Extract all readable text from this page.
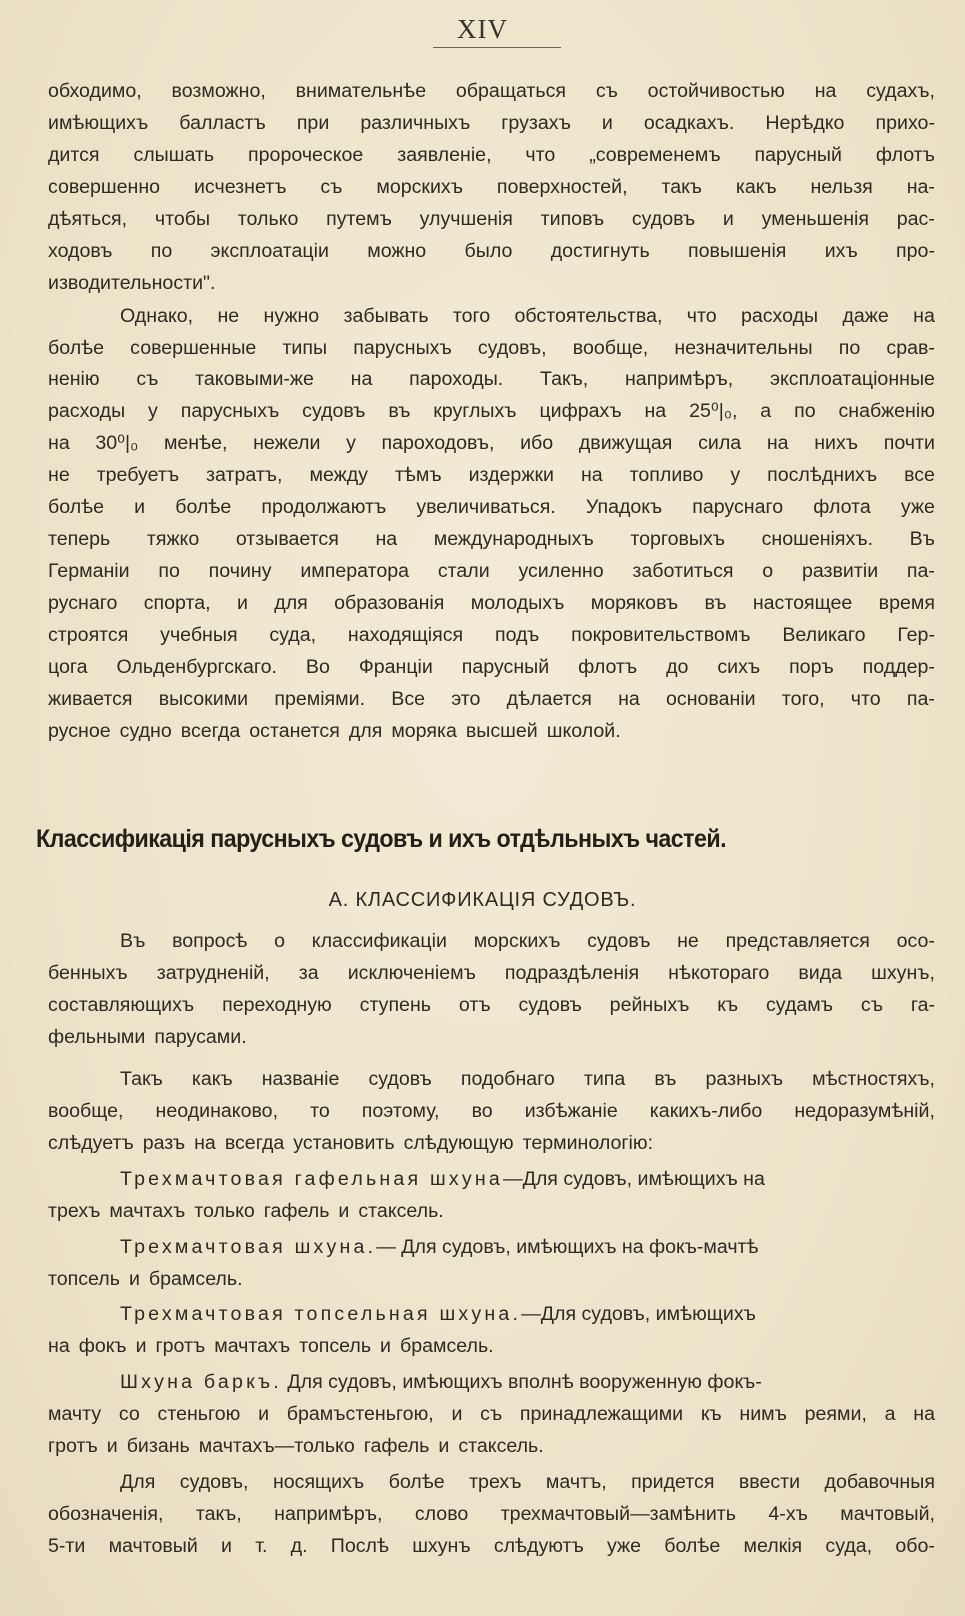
XIV
обходимо, возможно, внимательнѣе обращаться съ остойчивостью на судахъ,
имѣющихъ балластъ при различныхъ грузахъ и осадкахъ. Нерѣдко прихо-
дится слышать пророческое заявленіе, что „современемъ парусный флотъ
совершенно исчезнетъ съ морскихъ поверхностей, такъ какъ нельзя на-
дѣяться, чтобы только путемъ улучшенія типовъ судовъ и уменьшенія рас-
ходовъ по эксплоатаціи можно было достигнуть повышенія ихъ про-
изводительности".
Однако, не нужно забывать того обстоятельства, что расходы даже на
болѣе совершенные типы парусныхъ судовъ, вообще, незначительны по срав-
ненію съ таковыми-же на пароходы. Такъ, напримѣръ, эксплоатаціонные
расходы у парусныхъ судовъ въ круглыхъ цифрахъ на 25⁰|₀, а по снабженію
на 30⁰|₀ менѣе, нежели у пароходовъ, ибо движущая сила на нихъ почти
не требуетъ затратъ, между тѣмъ издержки на топливо у послѣднихъ все
болѣе и болѣе продолжаютъ увеличиваться. Упадокъ паруснаго флота уже
теперь тяжко отзывается на международныхъ торговыхъ сношеніяхъ. Въ
Германіи по почину императора стали усиленно заботиться о развитіи па-
руснаго спорта, и для образованія молодыхъ моряковъ въ настоящее время
строятся учебныя суда, находящіяся подъ покровительствомъ Великаго Гер-
цога Ольденбургскаго. Во Франціи парусный флотъ до сихъ поръ поддер-
живается высокими преміями. Все это дѣлается на основаніи того, что па-
русное судно всегда останется для моряка высшей школой.
Классификація парусныхъ судовъ и ихъ отдѣльныхъ частей.
А. КЛАССИФИКАЦІЯ СУДОВЪ.
Въ вопросѣ о классификаціи морскихъ судовъ не представляется осо-
бенныхъ затрудненій, за исключеніемъ подраздѣленія нѣкотораго вида шхунъ,
составляющихъ переходную ступень отъ судовъ рейныхъ къ судамъ съ га-
фельными парусами.
Такъ какъ названіе судовъ подобнаго типа въ разныхъ мѣстностяхъ,
вообще, неодинаково, то поэтому, во избѣжаніе какихъ-либо недоразумѣній,
слѣдуетъ разъ на всегда установить слѣдующую терминологію:
Трехмачтовая гафельная шхуна —Для судовъ, имѣющихъ на
трехъ мачтахъ только гафель и стаксель.
Трехмачтовая шхуна. — Для судовъ, имѣющихъ на фокъ-мачтѣ
топсель и брамсель.
Трехмачтовая топсельная шхуна. —Для судовъ, имѣющихъ
на фокъ и гротъ мачтахъ топсель и брамсель.
Шхуна баркъ. Для судовъ, имѣющихъ вполнѣ вооруженную фокъ-
мачту со стеньгою и брамъстеньгою, и съ принадлежащими къ нимъ реями, а на
гротъ и бизань мачтахъ—только гафель и стаксель.
Для судовъ, носящихъ болѣе трехъ мачтъ, придется ввести добавочныя
обозначенія, такъ, напримѣръ, слово трехмачтовый—замѣнить 4-хъ мачтовый,
5-ти мачтовый и т. д. Послѣ шхунъ слѣдуютъ уже болѣе мелкія суда, обо-
